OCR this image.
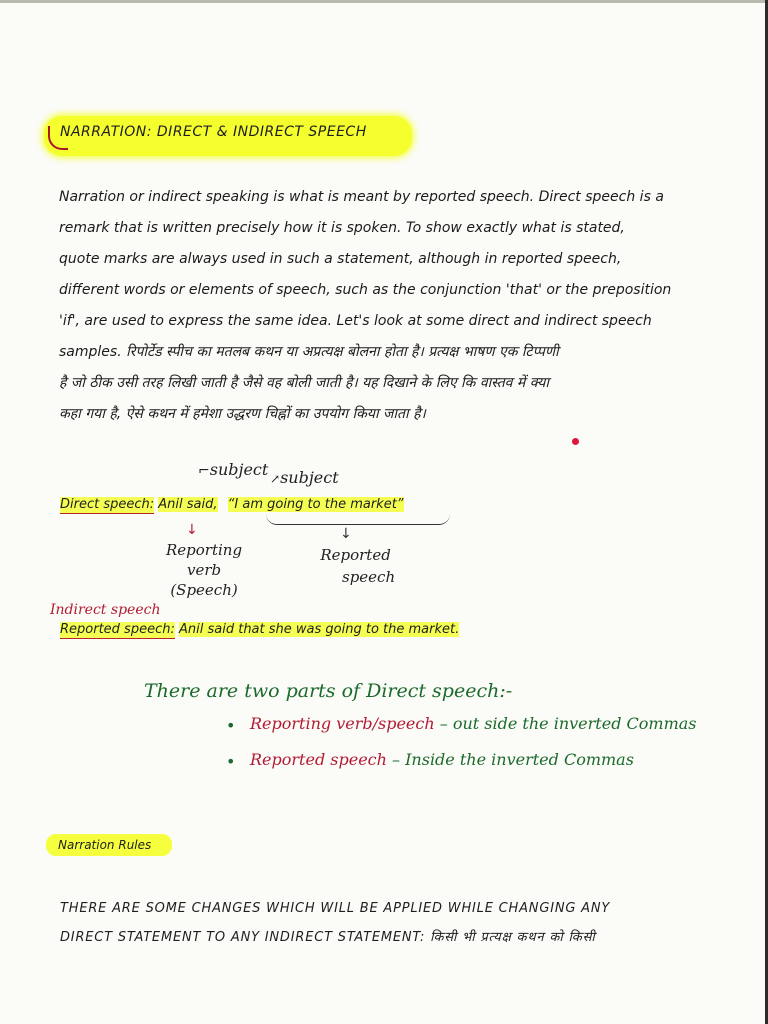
NARRATION: DIRECT & INDIRECT SPEECH
Narration or indirect speaking is what is meant by reported speech. Direct speech is a
remark that is written precisely how it is spoken. To show exactly what is stated,
quote marks are always used in such a statement, although in reported speech,
different words or elements of speech, such as the conjunction 'that' or the preposition
'if', are used to express the same idea. Let's look at some direct and indirect speech
samples. रिपोर्टेड स्पीच का मतलब कथन या अप्रत्यक्ष बोलना होता है। प्रत्यक्ष भाषण एक टिप्पणी
है जो ठीक उसी तरह लिखी जाती है जैसे वह बोली जाती है। यह दिखाने के लिए कि वास्तव में क्या
कहा गया है, ऐसे कथन में हमेशा उद्धरण चिह्नों का उपयोग किया जाता है।
⌐subject ↗subject
Direct speech: Anil said, “I am going to the market”
↓	↓
Reporting
verb
(Speech)
Reported
speech
Indirect speech
Reported speech: Anil said that she was going to the market.
There are two parts of Direct speech:-
• Reporting verb/speech – out side the inverted Commas
• Reported speech – Inside the inverted Commas
Narration Rules
THERE ARE SOME CHANGES WHICH WILL BE APPLIED WHILE CHANGING ANY
DIRECT STATEMENT TO ANY INDIRECT STATEMENT: किसी भी प्रत्यक्ष कथन को किसी
